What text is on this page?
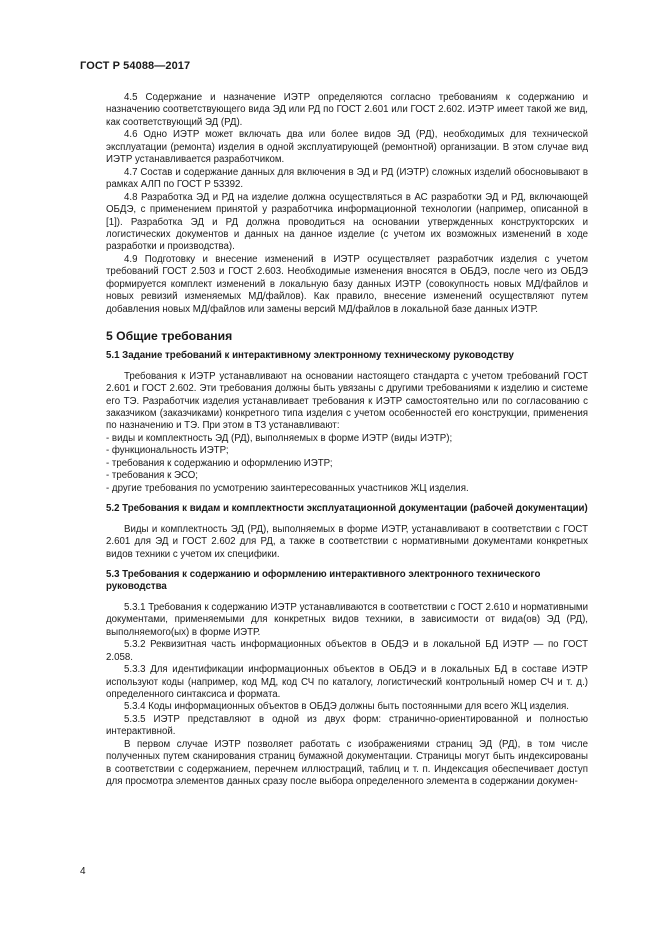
ГОСТ Р 54088—2017

4.5 Содержание и назначение ИЭТР определяются согласно требованиям к содержанию и назначению соответствующего вида ЭД или РД по ГОСТ 2.601 или ГОСТ 2.602. ИЭТР имеет такой же вид, как соответствующий ЭД (РД).

4.6 Одно ИЭТР может включать два или более видов ЭД (РД), необходимых для технической эксплуатации (ремонта) изделия в одной эксплуатирующей (ремонтной) организации. В этом случае вид ИЭТР устанавливается разработчиком.

4.7 Состав и содержание данных для включения в ЭД и РД (ИЭТР) сложных изделий обосновывают в рамках АЛП по ГОСТ Р 53392.

4.8 Разработка ЭД и РД на изделие должна осуществляться в АС разработки ЭД и РД, включающей ОБДЭ, с применением принятой у разработчика информационной технологии (например, описанной в [1]). Разработка ЭД и РД должна проводиться на основании утвержденных конструкторских и логистических документов и данных на данное изделие (с учетом их возможных изменений в ходе разработки и производства).

4.9 Подготовку и внесение изменений в ИЭТР осуществляет разработчик изделия с учетом требований ГОСТ 2.503 и ГОСТ 2.603. Необходимые изменения вносятся в ОБДЭ, после чего из ОБДЭ формируется комплект изменений в локальную базу данных ИЭТР (совокупность новых МД/файлов и новых ревизий изменяемых МД/файлов). Как правило, внесение изменений осуществляют путем добавления новых МД/файлов или замены версий МД/файлов в локальной базе данных ИЭТР.

5 Общие требования

5.1 Задание требований к интерактивному электронному техническому руководству

Требования к ИЭТР устанавливают на основании настоящего стандарта с учетом требований ГОСТ 2.601 и ГОСТ 2.602. Эти требования должны быть увязаны с другими требованиями к изделию и системе его ТЭ. Разработчик изделия устанавливает требования к ИЭТР самостоятельно или по согласованию с заказчиком (заказчиками) конкретного типа изделия с учетом особенностей его конструкции, применения по назначению и ТЭ. При этом в ТЗ устанавливают:

- виды и комплектность ЭД (РД), выполняемых в форме ИЭТР (виды ИЭТР);

- функциональность ИЭТР;

- требования к содержанию и оформлению ИЭТР;

- требования к ЭСО;

- другие требования по усмотрению заинтересованных участников ЖЦ изделия.

5.2 Требования к видам и комплектности эксплуатационной документации (рабочей документации)

Виды и комплектность ЭД (РД), выполняемых в форме ИЭТР, устанавливают в соответствии с ГОСТ 2.601 для ЭД и ГОСТ 2.602 для РД, а также в соответствии с нормативными документами конкретных видов техники с учетом их специфики.

5.3 Требования к содержанию и оформлению интерактивного электронного технического руководства

5.3.1 Требования к содержанию ИЭТР устанавливаются в соответствии с ГОСТ 2.610 и нормативными документами, применяемыми для конкретных видов техники, в зависимости от вида(ов) ЭД (РД), выполняемого(ых) в форме ИЭТР.

5.3.2 Реквизитная часть информационных объектов в ОБДЭ и в локальной БД ИЭТР — по ГОСТ 2.058.

5.3.3 Для идентификации информационных объектов в ОБДЭ и в локальных БД в составе ИЭТР используют коды (например, код МД, код СЧ по каталогу, логистический контрольный номер СЧ и т. д.) определенного синтаксиса и формата.

5.3.4 Коды информационных объектов в ОБДЭ должны быть постоянными для всего ЖЦ изделия.

5.3.5 ИЭТР представляют в одной из двух форм: странично-ориентированной и полностью интерактивной.

В первом случае ИЭТР позволяет работать с изображениями страниц ЭД (РД), в том числе полученных путем сканирования страниц бумажной документации. Страницы могут быть индексированы в соответствии с содержанием, перечнем иллюстраций, таблиц и т. п. Индексация обеспечивает доступ для просмотра элементов данных сразу после выбора определенного элемента в содержании докумен-

4
